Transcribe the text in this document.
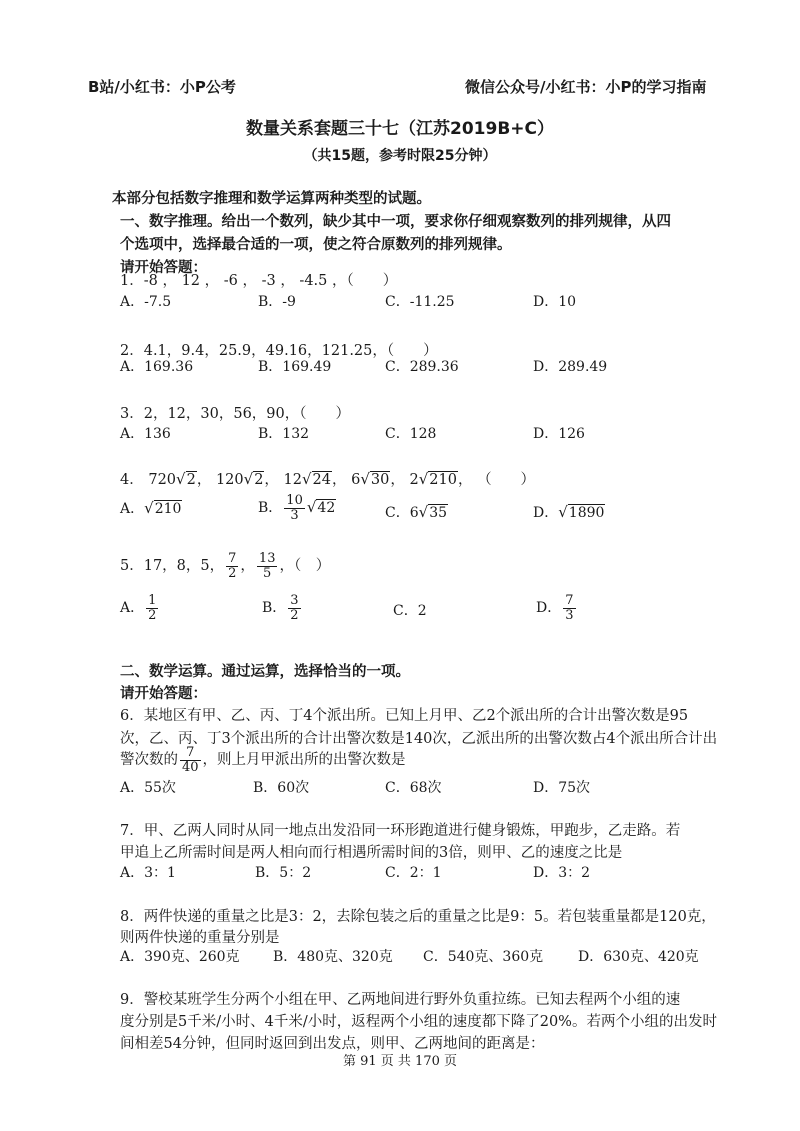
B站/小红书：小P公考	微信公众号/小红书：小P的学习指南
数量关系套题三十七（江苏2019B+C）
（共15题，参考时限25分钟）
本部分包括数字推理和数学运算两种类型的试题。
一、数字推理。给出一个数列，缺少其中一项，要求你仔细观察数列的排列规律，从四
个选项中，选择最合适的一项，使之符合原数列的排列规律。
请开始答题：
1．-8 ， 12 ， -6 ， -3 ， -4.5 ，（　　）
A．-7.5	B．-9	C．-11.25	D．10
2．4.1，9.4，25.9，49.16，121.25，（　　）
A．169.36	B．169.49	C．289.36	D．289.49
3．2，12，30，56，90，（　　）
A．136	B．132	C．128	D．126
4． 720√2， 120√2， 12√24， 6√30， 2√210， （　　）
A．√210	B． $\frac{10}{3} √42$	C．6√35	D．√1890
5．17，8，5， $\frac{7}{2}$ ， $\frac{13}{5}$ ，（　）
A． $\frac{1}{2}$	B． $\frac{3}{2}$	C．2	D． $\frac{7}{3}$
二、数学运算。通过运算，选择恰当的一项。
请开始答题：
6．某地区有甲、乙、丙、丁4个派出所。已知上月甲、乙2个派出所的合计出警次数是95
次，乙、丙、丁3个派出所的合计出警次数是140次，乙派出所的出警次数占4个派出所合计出
警次数的 $\frac{7}{40}$ ，则上月甲派出所的出警次数是
A．55次	B．60次	C．68次	D．75次
7．甲、乙两人同时从同一地点出发沿同一环形跑道进行健身锻炼，甲跑步，乙走路。若
甲追上乙所需时间是两人相向而行相遇所需时间的3倍，则甲、乙的速度之比是
A．3：1	B．5：2	C．2：1	D．3：2
8．两件快递的重量之比是3：2，去除包装之后的重量之比是9：5。若包装重量都是120克，
则两件快递的重量分别是
A．390克、260克 B．480克、320克 C．540克、360克 D．630克、420克
9．警校某班学生分两个小组在甲、乙两地间进行野外负重拉练。已知去程两个小组的速
度分别是5千米/小时、4千米/小时，返程两个小组的速度都下降了20%。若两个小组的出发时
间相差54分钟，但同时返回到出发点，则甲、乙两地间的距离是：
第 91 页 共 170 页
